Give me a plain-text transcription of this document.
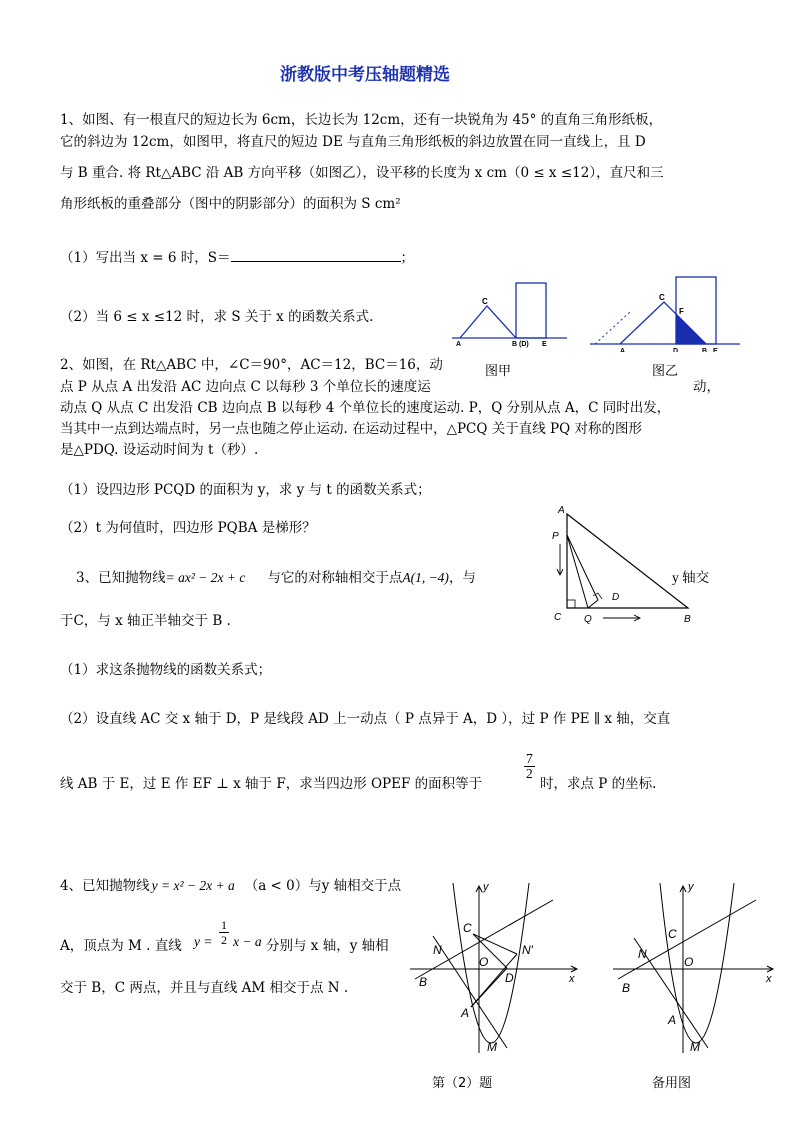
浙教版中考压轴题精选
1、如图、有一根直尺的短边长为 6cm，长边长为 12cm，还有一块锐角为 45° 的直角三角形纸板，
它的斜边为 12cm，如图甲，将直尺的短边 DE 与直角三角形纸板的斜边放置在同一直线上，且 D
与 B 重合. 将 Rt△ABC 沿 AB 方向平移（如图乙），设平移的长度为 x cm（0 ≤ x ≤12），直尺和三
角形纸板的重叠部分（图中的阴影部分）的面积为 S cm²
（1）写出当 x = 6 时，S＝	；
（2）当 6 ≤ x ≤12 时，求 S 关于 x 的函数关系式.
C
A	B (D) E
图甲
C
F
A	D	B E
图乙
2、如图，在 Rt△ABC 中，∠C＝90°，AC＝12，BC＝16，动
点 P 从点 A 出发沿 AC 边向点 C 以每秒 3 个单位长的速度运	动，
动点 Q 从点 C 出发沿 CB 边向点 B 以每秒 4 个单位长的速度运动. P，Q 分别从点 A，C 同时出发，
当其中一点到达端点时，另一点也随之停止运动. 在运动过程中，△PCQ 关于直线 PQ 对称的图形
是△PDQ. 设运动时间为 t（秒）.
（1）设四边形 PCQD 的面积为 y，求 y 与 t 的函数关系式；
（2）t 为何值时，四边形 PQBA 是梯形？
A
P
D
C Q	B
3、已知抛物线= ax² − 2x + c 与它的对称轴相交于点A(1, −4)，与	y 轴交
于C，与 x 轴正半轴交于 B .
（1）求这条抛物线的函数关系式；
（2）设直线 AC 交 x 轴于 D，P 是线段 AD 上一动点（ P 点异于 A，D ），过 P 作 PE ∥ x 轴，交直
线 AB 于 E，过 E 作 EF ⊥ x 轴于 F，求当四边形 OPEF 的面积等于
$\frac{7}{2}$
时，求点 P 的坐标.
4、已知抛物线 y = x² − 2x + a （a < 0）与y 轴相交于点
A，顶点为 M . 直线 $y = \frac{1}{2}$ x − a 分别与 x 轴，y 轴相
交于 B，C 两点，并且与直线 AM 相交于点 N .
y
x
C
N	N′
O
D
B
A
M
第（2）题
y
x
C
N
O
B
A
M
备用图
